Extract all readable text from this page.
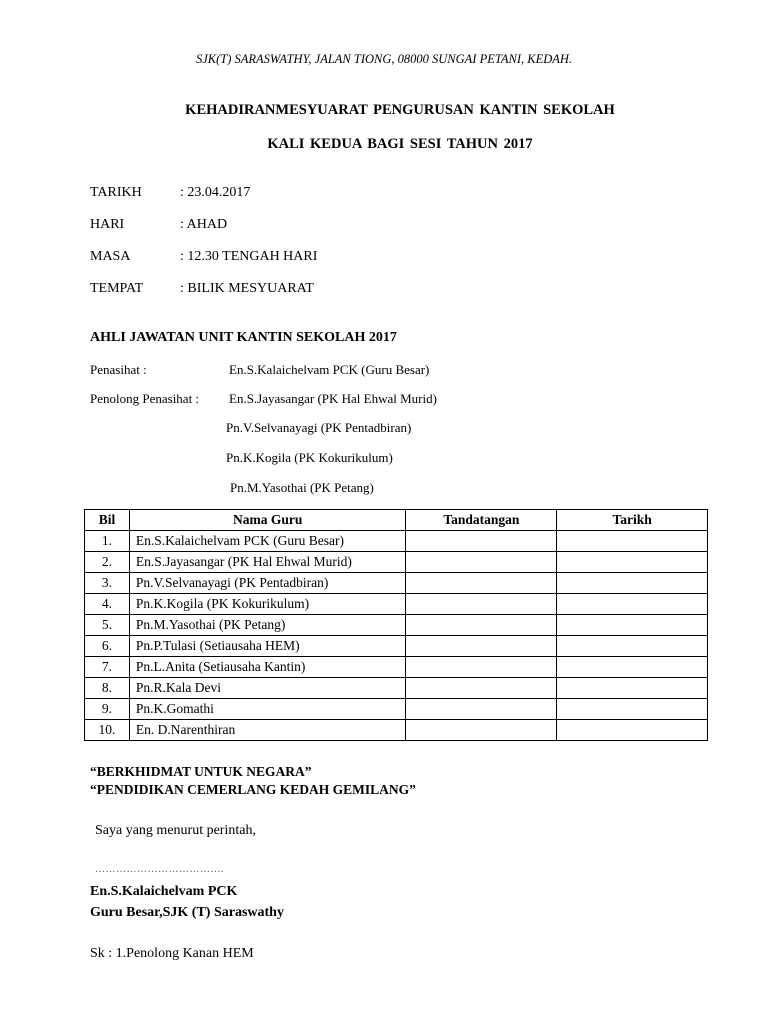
SJK(T) SARASWATHY, JALAN TIONG, 08000 SUNGAI PETANI, KEDAH.
KEHADIRANMESYUARAT PENGURUSAN KANTIN SEKOLAH
KALI KEDUA BAGI SESI TAHUN 2017
TARIKH	: 23.04.2017
HARI	: AHAD
MASA	: 12.30 TENGAH HARI
TEMPAT	: BILIK MESYUARAT
AHLI JAWATAN UNIT KANTIN SEKOLAH 2017
Penasihat :	En.S.Kalaichelvam PCK (Guru Besar)
Penolong Penasihat : En.S.Jayasangar (PK Hal Ehwal Murid)
Pn.V.Selvanayagi (PK Pentadbiran)
Pn.K.Kogila (PK Kokurikulum)
Pn.M.Yasothai (PK Petang)
Bil	Nama Guru	Tandatangan	Tarikh
1.	En.S.Kalaichelvam PCK (Guru Besar)		
2.	En.S.Jayasangar (PK Hal Ehwal Murid)		
3.	Pn.V.Selvanayagi (PK Pentadbiran)		
4.	Pn.K.Kogila (PK Kokurikulum)		
5.	Pn.M.Yasothai (PK Petang)		
6.	Pn.P.Tulasi (Setiausaha HEM)		
7.	Pn.L.Anita (Setiausaha Kantin)		
8.	Pn.R.Kala Devi		
9.	Pn.K.Gomathi		
10.	En. D.Narenthiran		
“BERKHIDMAT UNTUK NEGARA”
“PENDIDIKAN CEMERLANG KEDAH GEMILANG”
Saya yang menurut perintah,
……………………………….
En.S.Kalaichelvam PCK
Guru Besar,SJK (T) Saraswathy
Sk : 1.Penolong Kanan HEM
